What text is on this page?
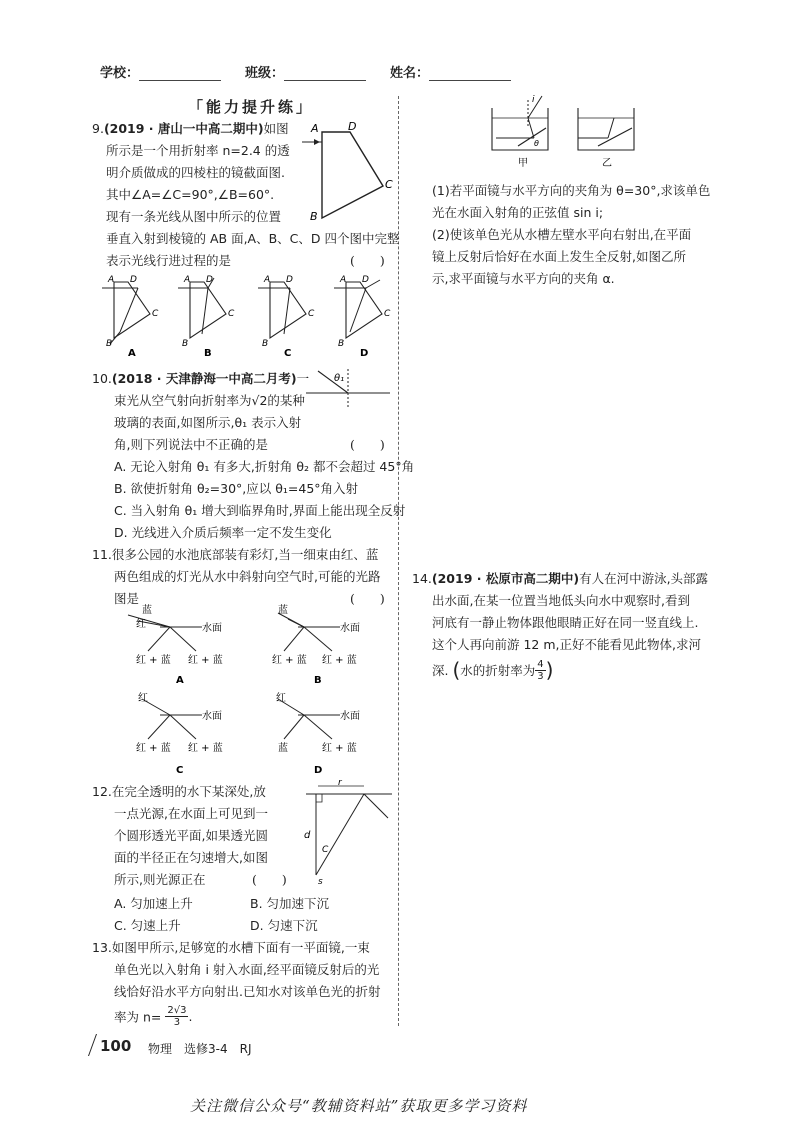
学校：	班级：	姓名：
「能力提升练」
9.(2019 · 唐山一中高二期中)如图
所示是一个用折射率 n=2.4 的透
明介质做成的四棱柱的镜截面图.
其中∠A=∠C=90°,∠B=60°.
现有一条光线从图中所示的位置
垂直入射到棱镜的 AB 面,A、B、C、D 四个图中完整
表示光线行进过程的是	(　　)
A	D
C
B
A D
C
B
A
A D
C
B
B
A D
C
B
C
A D
C
B
D
10.(2018 · 天津静海一中高二月考)一
束光从空气射向折射率为√2的某种
玻璃的表面,如图所示,θ₁ 表示入射
角,则下列说法中不正确的是	(　　)
A. 无论入射角 θ₁ 有多大,折射角 θ₂ 都不会超过 45°角
B. 欲使折射角 θ₂=30°,应以 θ₁=45°角入射
C. 当入射角 θ₁ 增大到临界角时,界面上能出现全反射
D. 光线进入介质后频率一定不发生变化
θ₁
11.很多公园的水池底部装有彩灯,当一细束由红、蓝
两色组成的灯光从水中斜射向空气时,可能的光路
图是	(　　)
蓝
红	水面
红 + 蓝 红 + 蓝
A
蓝
水面
红 + 蓝 红 + 蓝
B
红
水面
红 + 蓝 红 + 蓝
C
红
水面
蓝	红 + 蓝
D
12.在完全透明的水下某深处,放
一点光源,在水面上可见到一
个圆形透光平面,如果透光圆
面的半径正在匀速增大,如图
所示,则光源正在	(　　)
A. 匀加速上升	B. 匀加速下沉
C. 匀速上升	D. 匀速下沉
r
d
C
s
13.如图甲所示,足够宽的水槽下面有一平面镜,一束
单色光以入射角 i 射入水面,经平面镜反射后的光
线恰好沿水平方向射出.已知水对该单色光的折射
率为 $n= \frac{2√3}{3}$ .
i
θ
甲	乙
(1)若平面镜与水平方向的夹角为 θ=30°,求该单色
光在水面入射角的正弦值 sin i;
(2)使该单色光从水槽左壁水平向右射出,在平面
镜上反射后恰好在水面上发生全反射,如图乙所
示,求平面镜与水平方向的夹角 α.
14.(2019 · 松原市高二期中)有人在河中游泳,头部露
出水面,在某一位置当地低头向水中观察时,看到
河底有一静止物体跟他眼睛正好在同一竖直线上.
这个人再向前游 12 m,正好不能看见此物体,求河
深. (水的折射率为 $\frac{4}{3}$ )
100 物理　选修3-4　RJ
关注微信公众号“教辅资料站”获取更多学习资料
